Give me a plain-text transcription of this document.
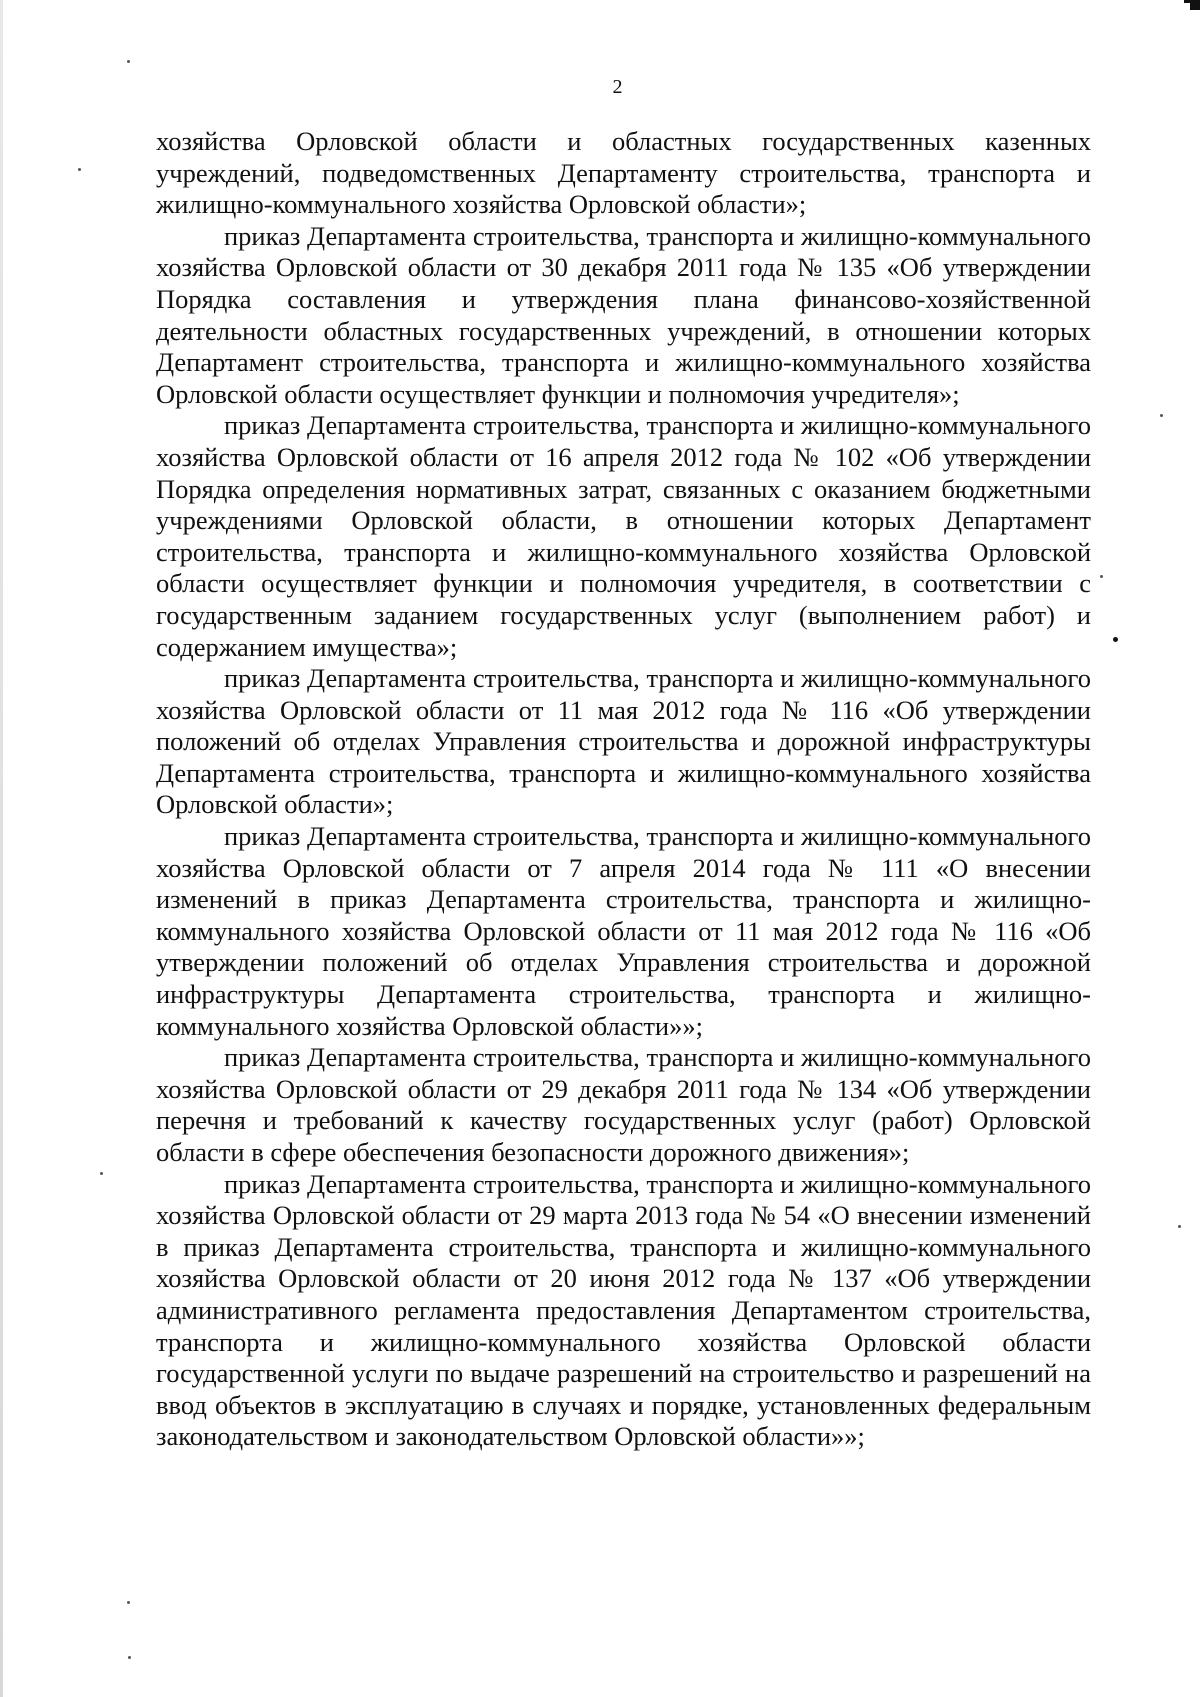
2

хозяйства Орловской области и областных государственных казенных учреждений, подведомственных Департаменту строительства, транспорта и жилищно-коммунального хозяйства Орловской области»;

приказ Департамента строительства, транспорта и жилищно-коммунального хозяйства Орловской области от 30 декабря 2011 года № 135 «Об утверждении Порядка составления и утверждения плана финансово-хозяйственной деятельности областных государственных учреждений, в отношении которых Департамент строительства, транспорта и жилищно-коммунального хозяйства Орловской области осуществляет функции и полномочия учредителя»;

приказ Департамента строительства, транспорта и жилищно-коммунального хозяйства Орловской области от 16 апреля 2012 года № 102 «Об утверждении Порядка определения нормативных затрат, связанных с оказанием бюджетными учреждениями Орловской области, в отношении которых Департамент строительства, транспорта и жилищно-коммунального хозяйства Орловской области осуществляет функции и полномочия учредителя, в соответствии с государственным заданием государственных услуг (выполнением работ) и содержанием имущества»;

приказ Департамента строительства, транспорта и жилищно-коммунального хозяйства Орловской области от 11 мая 2012 года № 116 «Об утверждении положений об отделах Управления строительства и дорожной инфраструктуры Департамента строительства, транспорта и жилищно-коммунального хозяйства Орловской области»;

приказ Департамента строительства, транспорта и жилищно-коммунального хозяйства Орловской области от 7 апреля 2014 года № 111 «О внесении изменений в приказ Департамента строительства, транспорта и жилищно-коммунального хозяйства Орловской области от 11 мая 2012 года № 116 «Об утверждении положений об отделах Управления строительства и дорожной инфраструктуры Департамента строительства, транспорта и жилищно-коммунального хозяйства Орловской области»»;

приказ Департамента строительства, транспорта и жилищно-коммунального хозяйства Орловской области от 29 декабря 2011 года № 134 «Об утверждении перечня и требований к качеству государственных услуг (работ) Орловской области в сфере обеспечения безопасности дорожного движения»;

приказ Департамента строительства, транспорта и жилищно-коммунального хозяйства Орловской области от 29 марта 2013 года № 54 «О внесении изменений в приказ Департамента строительства, транспорта и жилищно-коммунального хозяйства Орловской области от 20 июня 2012 года № 137 «Об утверждении административного регламента предоставления Департаментом строительства, транспорта и жилищно-коммунального хозяйства Орловской области государственной услуги по выдаче разрешений на строительство и разрешений на ввод объектов в эксплуатацию в случаях и порядке, установленных федеральным законодательством и законодательством Орловской области»»;
